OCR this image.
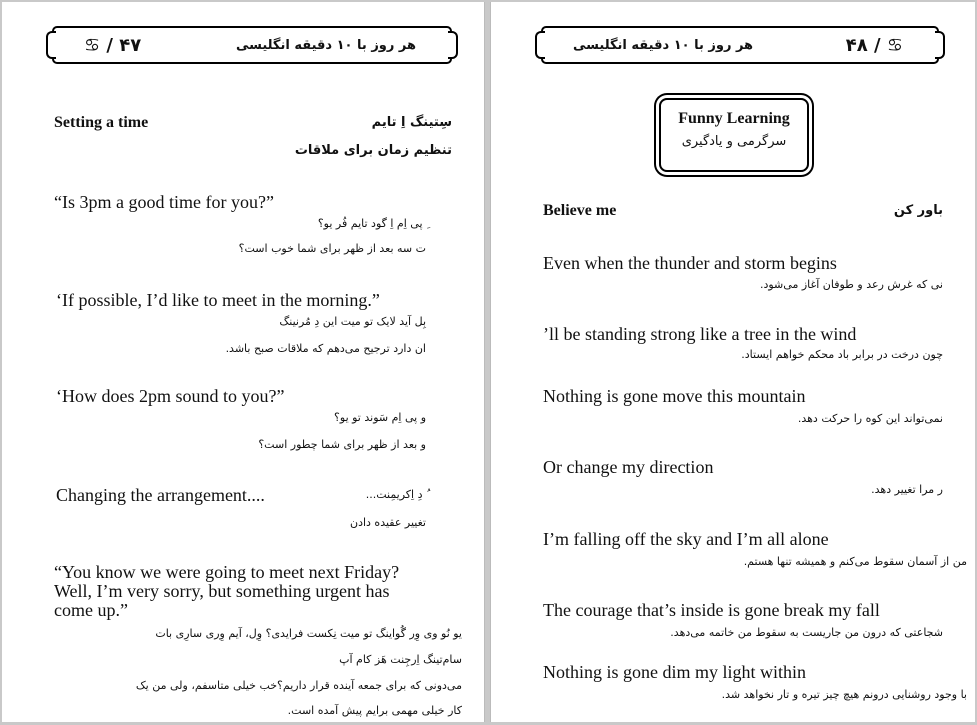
۴۷ / ♋	هر روز با ۱۰ دقیقه انگلیسی
Setting a time	سِتینگ اِ تایم
تنظیم زمان برای ملاقات
“Is 3pm a good time for you?”
ِ پی اِم اِ گود تایم فُر یو؟
ت سه بعد از ظهر برای شما خوب است؟
‘If possible, I’d like to meet in the morning.”
بِل آید لایک تو میت این دِ مُرنینگ
ان دارد ترجیح می‌دهم که ملاقات صبح باشد.
‘How does 2pm sound to you?”
و پی اِم سَوند تو یو؟
و بعد از ظهر برای شما چطور است؟
Changing the arrangement....	ُ دِ اِکریمِنت...
تغییر عقیده دادن
“You know we were going to meet next Friday?
Well, I’m very sorry, but something urgent has
come up.”
یو نُو وی وِر گُواینگ تو میت نِکست فرایدی؟ وِل، آیم وِری سارِی بات
سام‌تینگ اِرجِنت هَز کام آپ
می‌دونی که برای جمعه آینده قرار داریم؟خب خیلی متاسفم، ولی من یک
کار خیلی مهمی برایم پیش آمده است.
هر روز با ۱۰ دقیقه انگلیسی	♋ / ۴۸
Funny Learning
سرگرمی و یادگیری
Believe me	باور کن
Even when the thunder and storm begins
نی که غرش رعد و طوفان آغاز می‌شود.
’ll be standing strong like a tree in the wind
چون درخت در برابر باد محکم خواهم ایستاد.
Nothing is gone move this mountain
نمی‌تواند این کوه را حرکت دهد.
Or change my direction
ر مرا تغییر دهد.
I’m falling off the sky and I’m all alone
من از آسمان سقوط می‌کنم و همیشه تنها هستم.
The courage that’s inside is gone break my fall
شجاعتی که درون من جاریست به سقوط من خاتمه می‌دهد.
Nothing is gone dim my light within
با وجود روشنایی درونم هیچ چیز تیره و تار نخواهد شد.
